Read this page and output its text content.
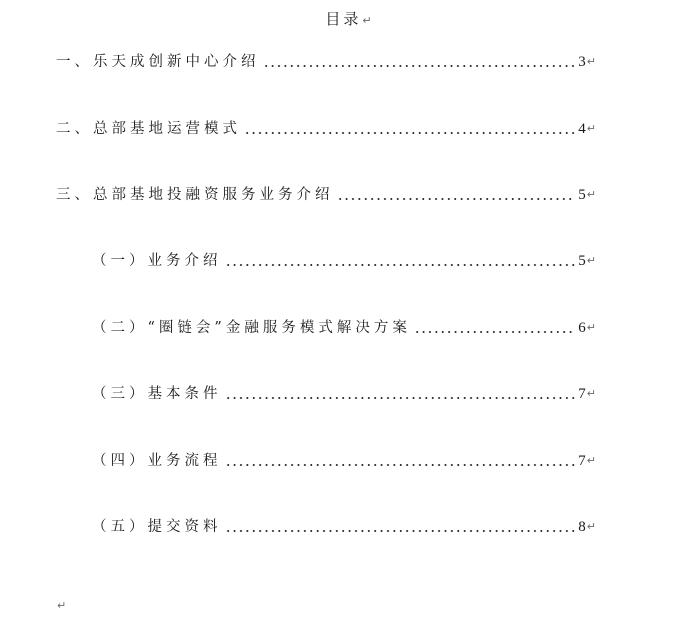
目录↵
一、乐天成创新中心介绍	3 ↵
二、总部基地运营模式	4 ↵
三、总部基地投融资服务业务介绍	5 ↵
（一）业务介绍	5 ↵
（二）“圈链会”金融服务模式解决方案	6 ↵
（三）基本条件	7 ↵
（四）业务流程	7 ↵
（五）提交资料	8 ↵
↵
